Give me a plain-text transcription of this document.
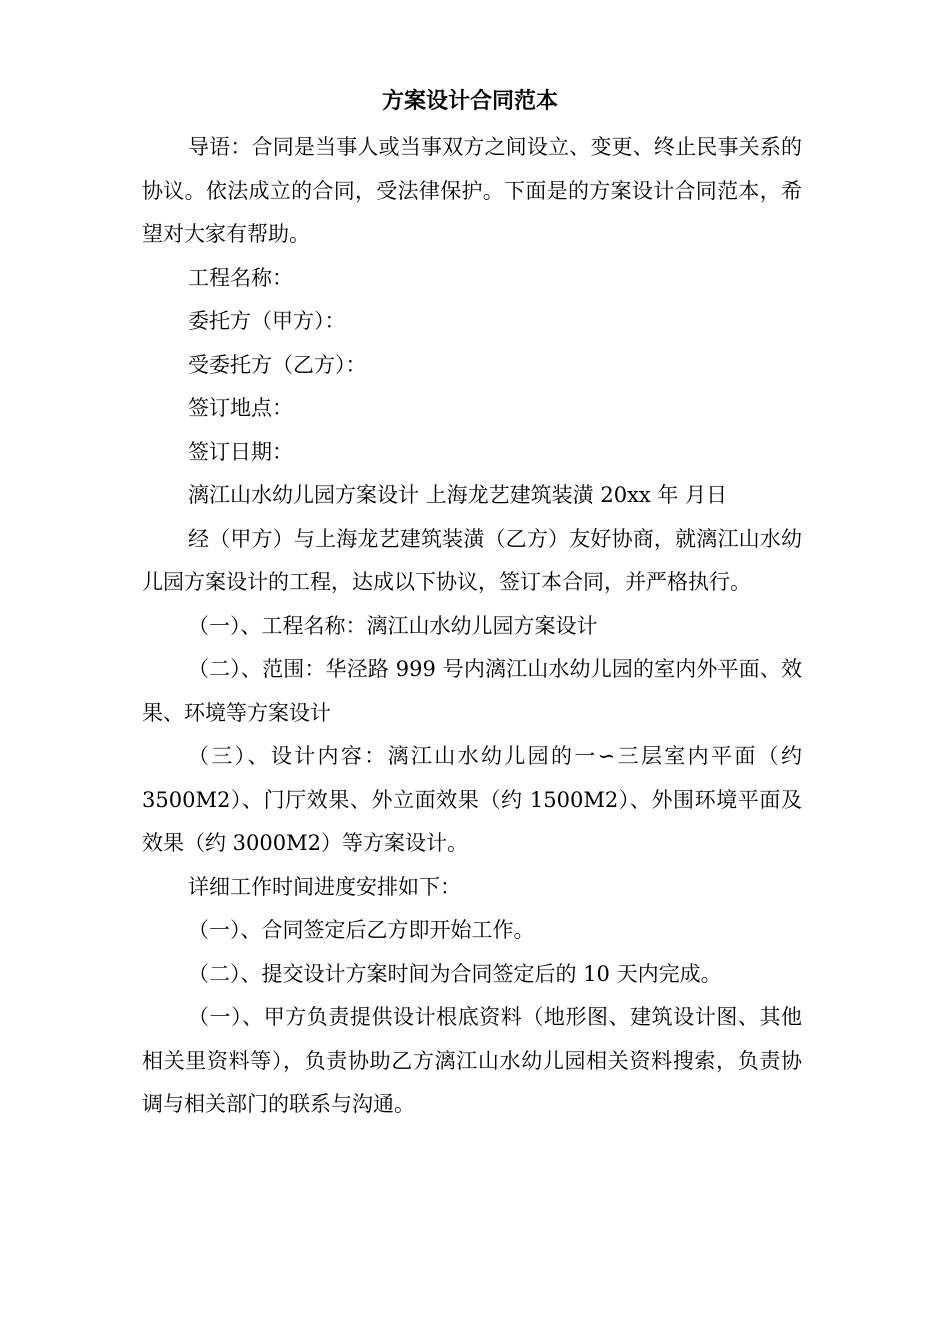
方案设计合同范本

导语：合同是当事人或当事双方之间设立、变更、终止民事关系的协议。依法成立的合同，受法律保护。下面是的方案设计合同范本，希望对大家有帮助。

工程名称：

委托方（甲方）：

受委托方（乙方）：

签订地点：

签订日期：

漓江山水幼儿园方案设计 上海龙艺建筑装潢 20xx 年 月日

经（甲方）与上海龙艺建筑装潢（乙方）友好协商，就漓江山水幼儿园方案设计的工程，达成以下协议，签订本合同，并严格执行。

（一）、工程名称：漓江山水幼儿园方案设计

（二）、范围：华泾路 999 号内漓江山水幼儿园的室内外平面、效果、环境等方案设计

（三）、设计内容：漓江山水幼儿园的一∽三层室内平面（约 3500M2）、门厅效果、外立面效果（约 1500M2）、外围环境平面及效果（约 3000M2）等方案设计。

详细工作时间进度安排如下：

（一）、合同签定后乙方即开始工作。

（二）、提交设计方案时间为合同签定后的 10 天内完成。

（一）、甲方负责提供设计根底资料（地形图、建筑设计图、其他相关里资料等），负责协助乙方漓江山水幼儿园相关资料搜索，负责协调与相关部门的联系与沟通。
